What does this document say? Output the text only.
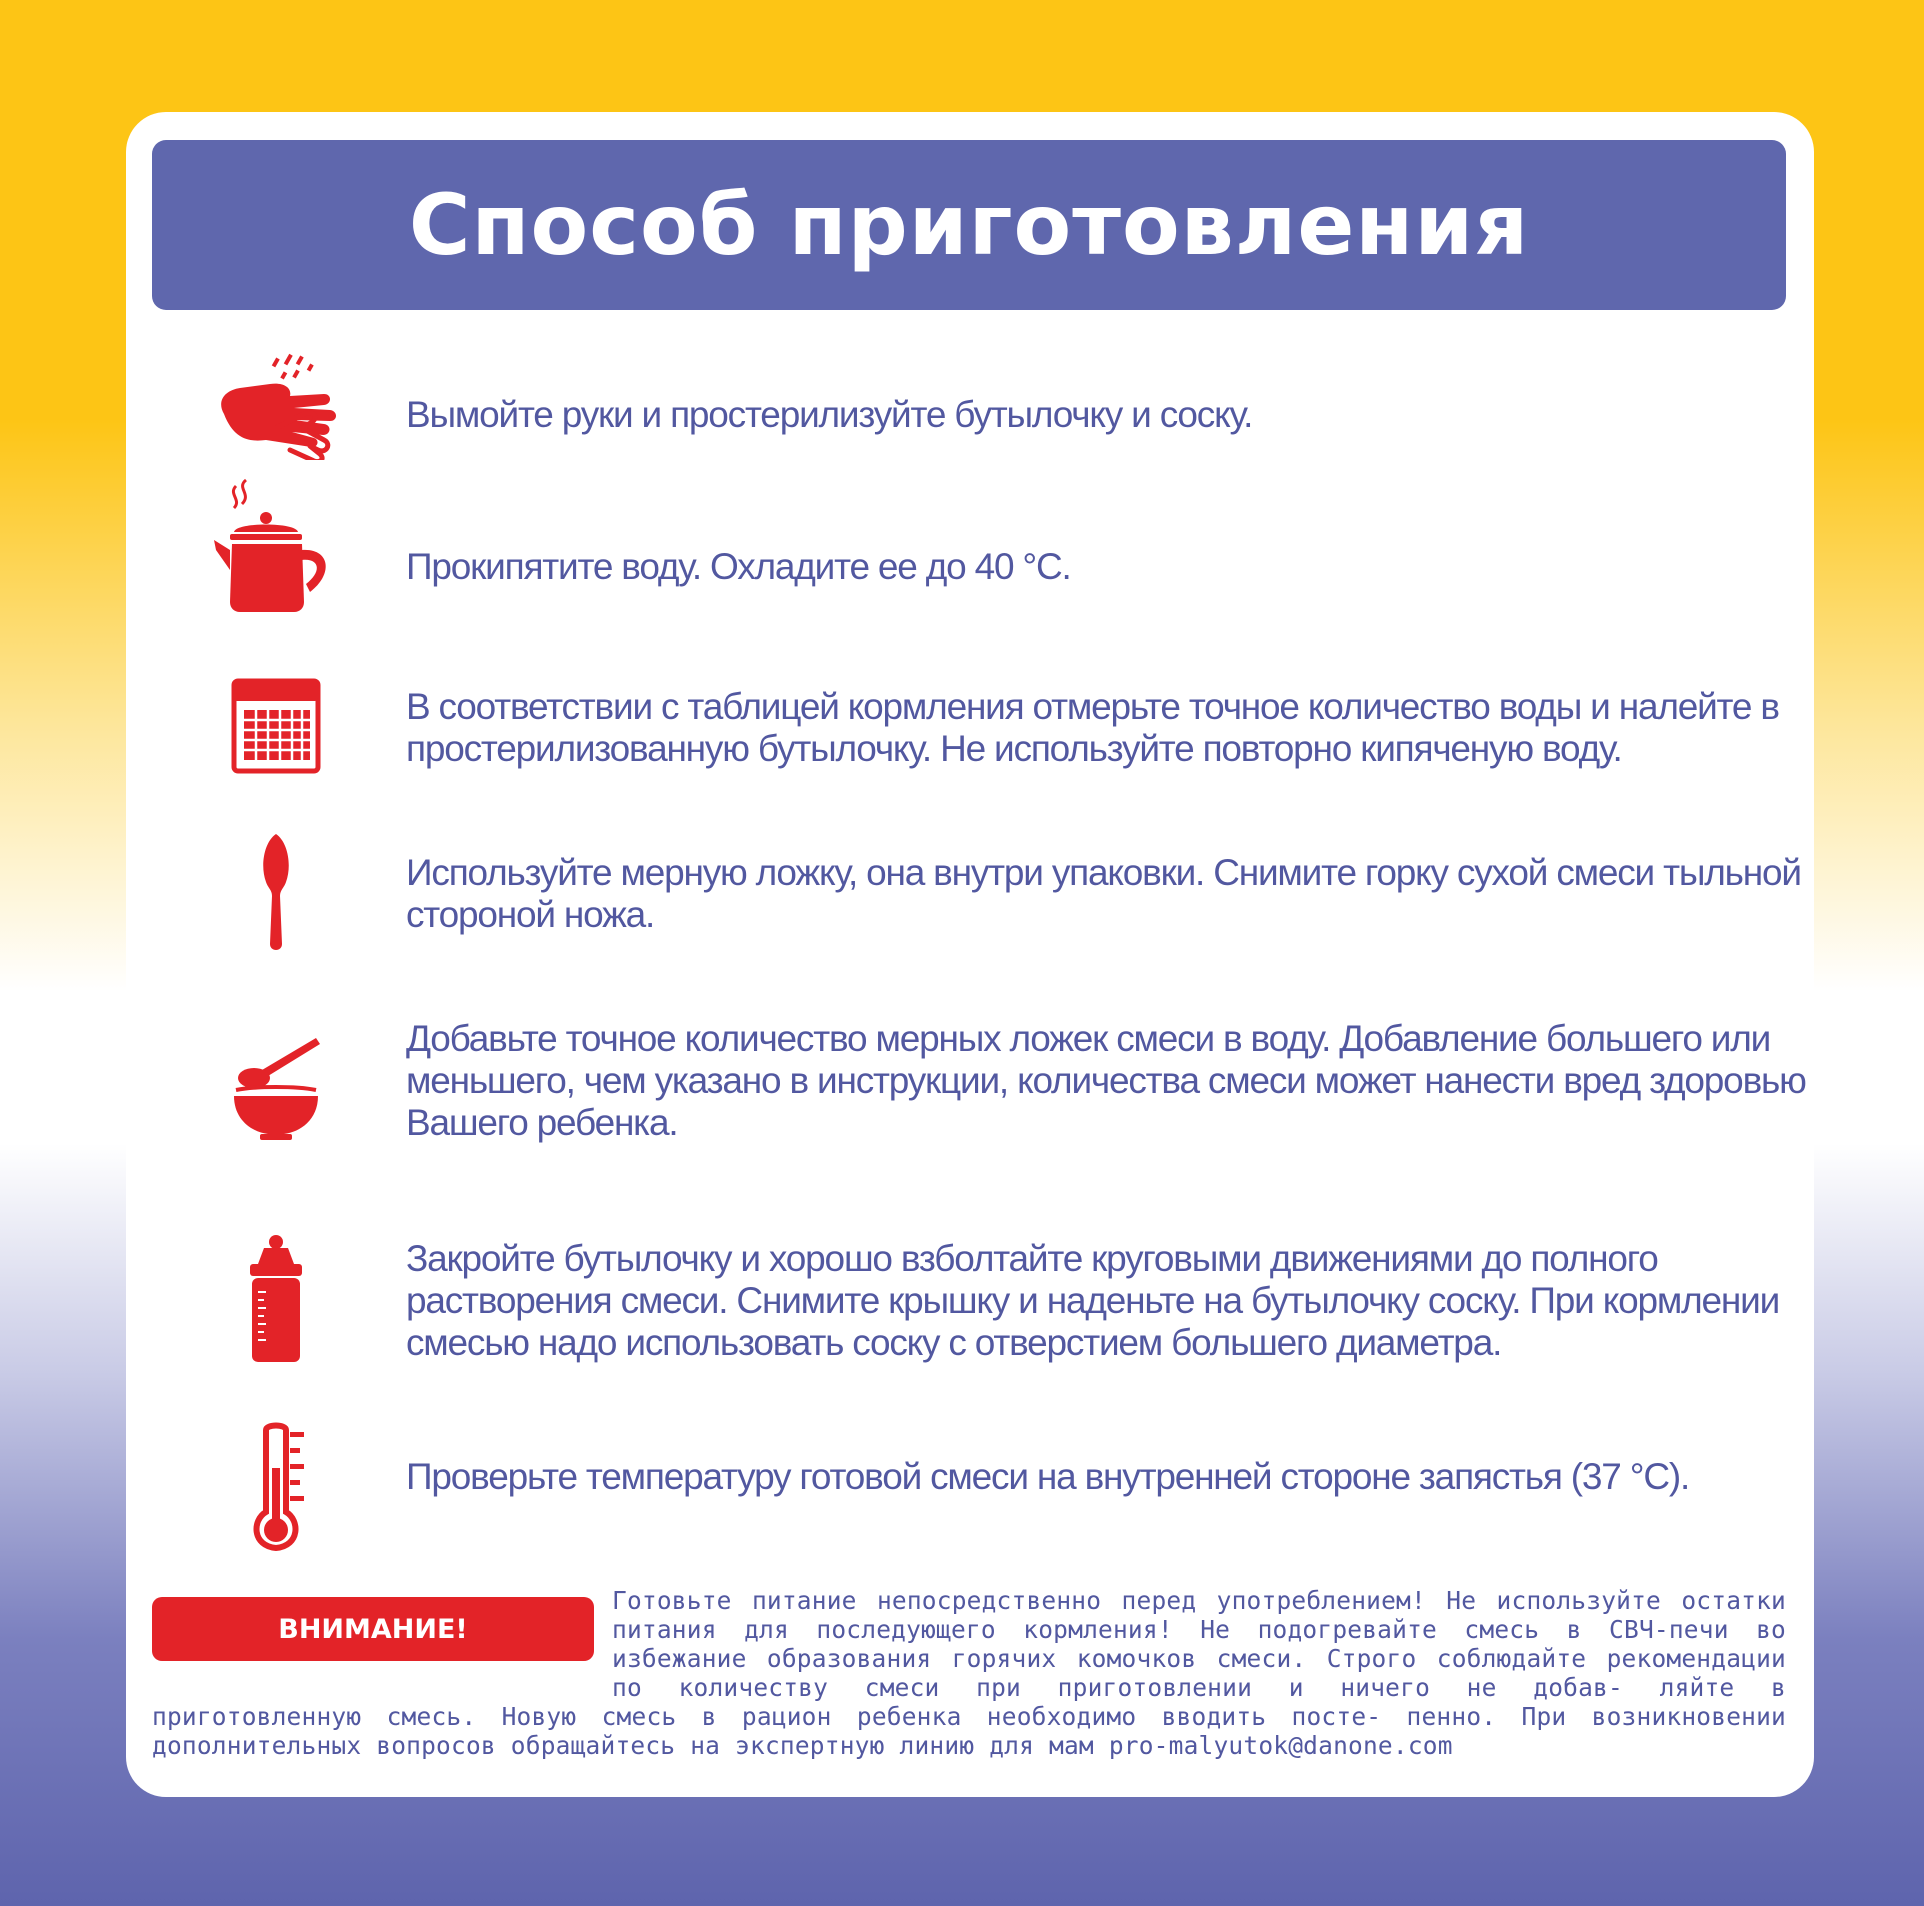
Способ приготовления
Вымойте руки и простерилизуйте бутылочку и соску.
Прокипятите воду. Охладите ее до 40 °С.
В соответствии с таблицей кормления отмерьте точное количество воды и налейте в простерилизованную бутылочку. Не используйте повторно кипяченую воду.
Используйте мерную ложку, она внутри упаковки. Снимите горку сухой смеси тыльной стороной ножа.
Добавьте точное количество мерных ложек смеси в воду. Добавление большего или меньшего, чем указано в инструкции, количества смеси может нанести вред здоровью Вашего ребенка.
Закройте бутылочку и хорошо взболтайте круговыми движениями до полного растворения смеси. Снимите крышку и наденьте на бутылочку соску. При кормлении смесью надо использовать соску с отверстием большего диаметра.
Проверьте температуру готовой смеси на внутренней стороне запястья (37 °С).
ВНИМАНИЕ!
Готовьте питание непосредственно перед употреблением! Не используйте остатки питания для последующего кормления! Не подогревайте смесь в СВЧ-печи во избежание образования горячих комочков смеси. Строго соблюдайте рекомендации по количеству смеси при приготовлении и ничего не добав- ляйте в приготовленную смесь. Новую смесь в рацион ребенка необходимо вводить посте- пенно. При возникновении дополнительных вопросов обращайтесь на экспертную линию для мам pro-malyutok@danone.com
